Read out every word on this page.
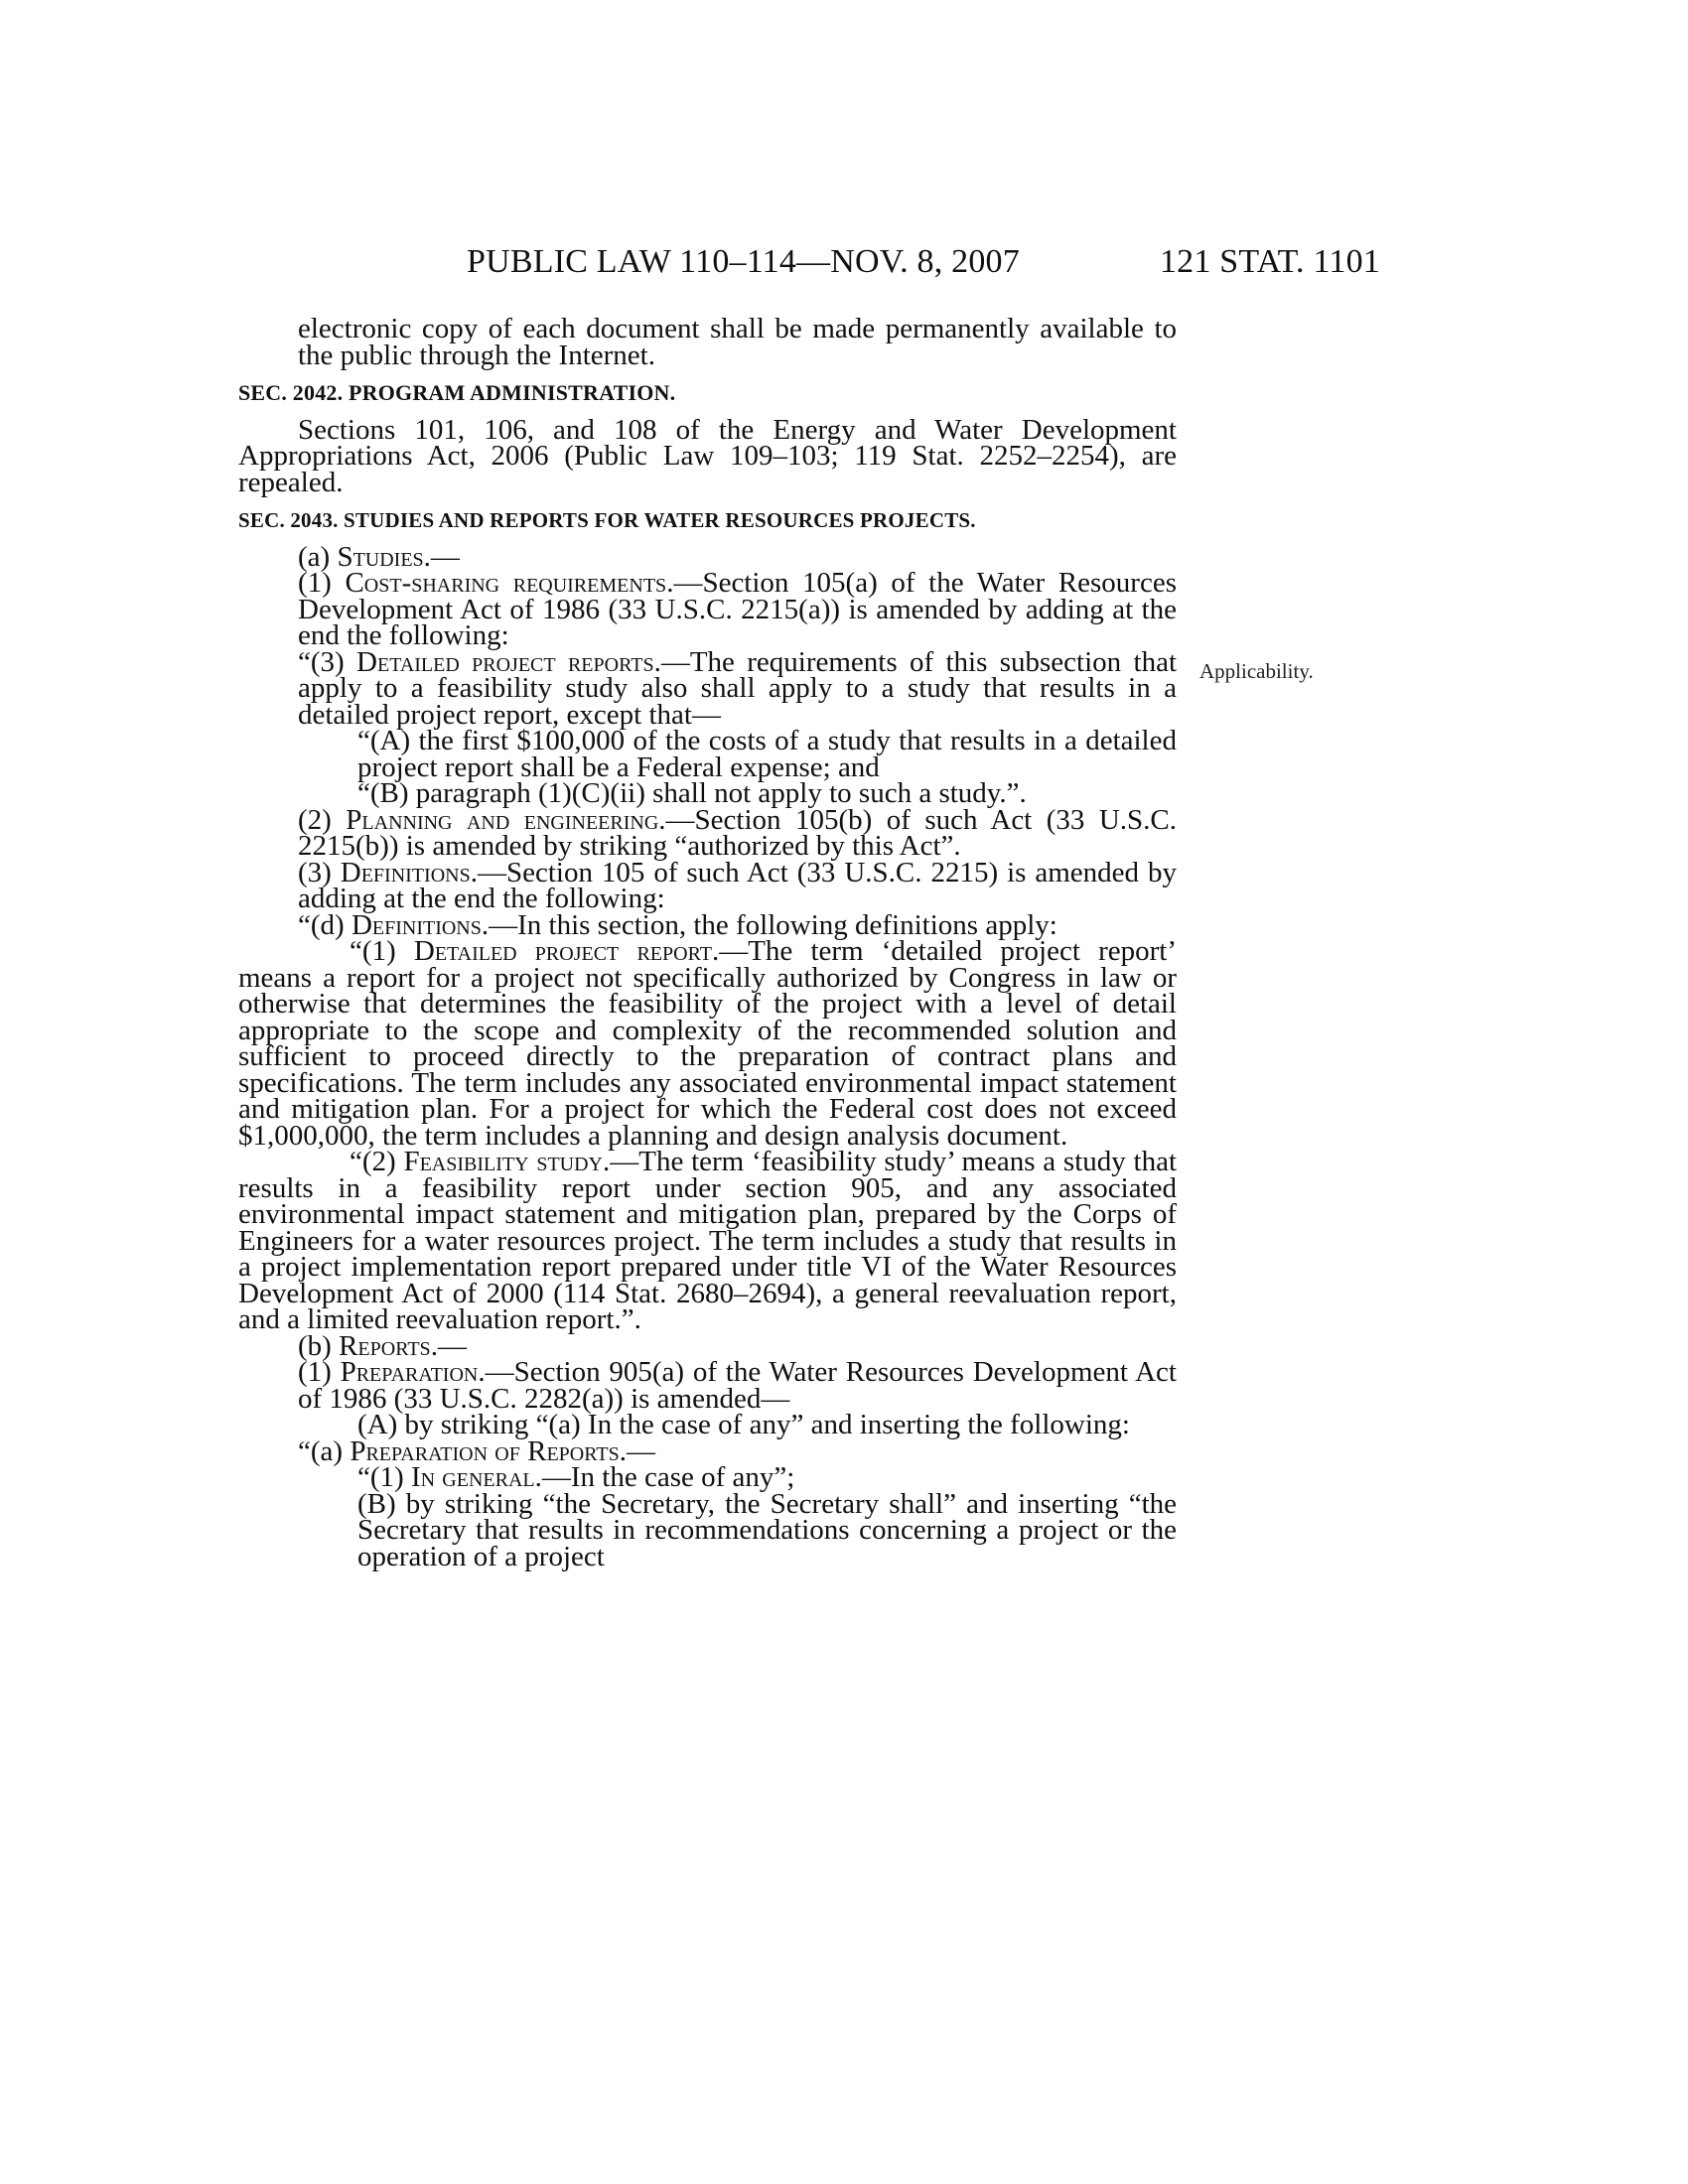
PUBLIC LAW 110–114—NOV. 8, 2007	121 STAT. 1101
Applicability.

electronic copy of each document shall be made permanently available to the public through the Internet.

SEC. 2042. PROGRAM ADMINISTRATION.

Sections 101, 106, and 108 of the Energy and Water Development Appropriations Act, 2006 (Public Law 109–103; 119 Stat. 2252–2254), are repealed.

SEC. 2043. STUDIES AND REPORTS FOR WATER RESOURCES PROJECTS.

(a) Studies.—

(1) Cost-sharing requirements.—Section 105(a) of the Water Resources Development Act of 1986 (33 U.S.C. 2215(a)) is amended by adding at the end the following:

“(3) Detailed project reports.—The requirements of this subsection that apply to a feasibility study also shall apply to a study that results in a detailed project report, except that—

“(A) the first $100,000 of the costs of a study that results in a detailed project report shall be a Federal expense; and

“(B) paragraph (1)(C)(ii) shall not apply to such a study.”.

(2) Planning and engineering.—Section 105(b) of such Act (33 U.S.C. 2215(b)) is amended by striking “authorized by this Act”.

(3) Definitions.—Section 105 of such Act (33 U.S.C. 2215) is amended by adding at the end the following:

“(d) Definitions.—In this section, the following definitions apply:

“(1) Detailed project report.—The term ‘detailed project report’ means a report for a project not specifically authorized by Congress in law or otherwise that determines the feasibility of the project with a level of detail appropriate to the scope and complexity of the recommended solution and sufficient to proceed directly to the preparation of contract plans and specifications. The term includes any associated environmental impact statement and mitigation plan. For a project for which the Federal cost does not exceed $1,000,000, the term includes a planning and design analysis document.

“(2) Feasibility study.—The term ‘feasibility study’ means a study that results in a feasibility report under section 905, and any associated environmental impact statement and mitigation plan, prepared by the Corps of Engineers for a water resources project. The term includes a study that results in a project implementation report prepared under title VI of the Water Resources Development Act of 2000 (114 Stat. 2680–2694), a general reevaluation report, and a limited reevaluation report.”.

(b) Reports.—

(1) Preparation.—Section 905(a) of the Water Resources Development Act of 1986 (33 U.S.C. 2282(a)) is amended—

(A) by striking “(a) In the case of any” and inserting the following:

“(a) Preparation of Reports.—

“(1) In general.—In the case of any”;

(B) by striking “the Secretary, the Secretary shall” and inserting “the Secretary that results in recommendations concerning a project or the operation of a project
